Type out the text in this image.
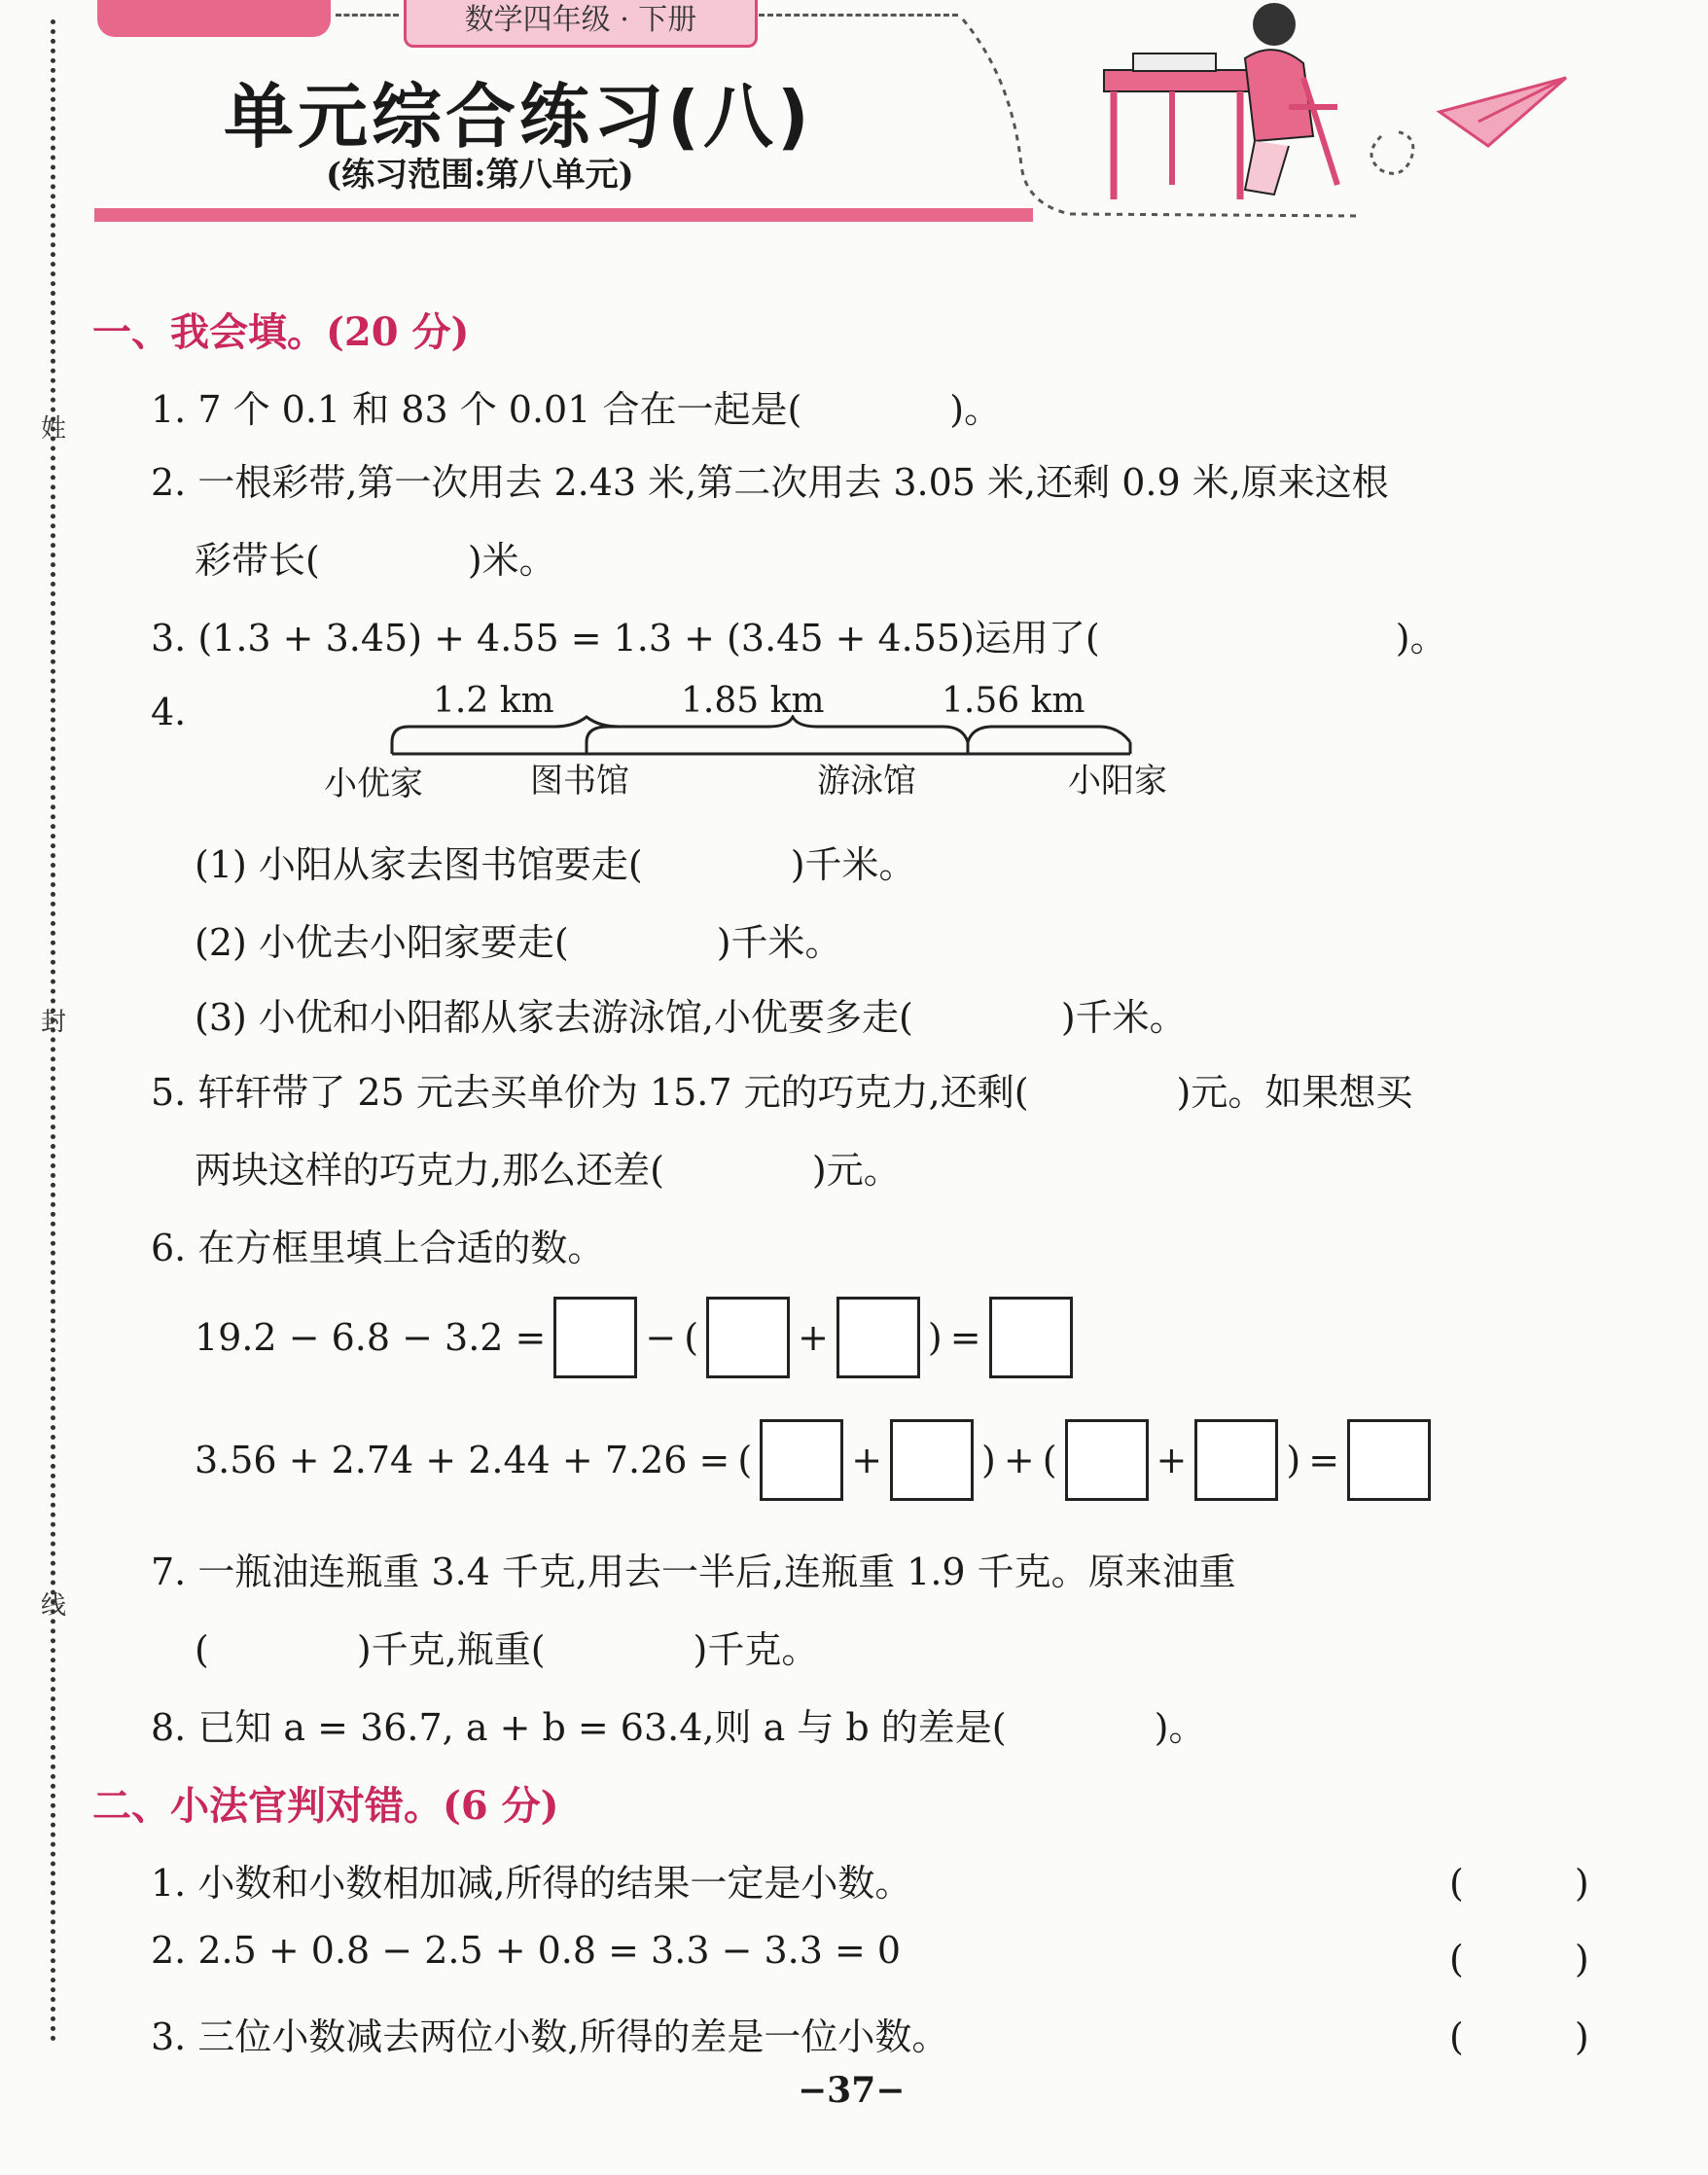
姓
封
线
数学四年级 · 下册
单元综合练习(八)
(练习范围:第八单元)
一、我会填。(20 分)
1. 7 个 0.1 和 83 个 0.01 合在一起是(　　　　)。
2. 一根彩带,第一次用去 2.43 米,第二次用去 3.05 米,还剩 0.9 米,原来这根
彩带长(　　　　)米。
3. (1.3 + 3.45) + 4.55 = 1.3 + (3.45 + 4.55)运用了(　　　　　　　　)。
4.	1.2 km	1.85 km	1.56 km
小优家	图书馆	游泳馆	小阳家
(1) 小阳从家去图书馆要走(　　　　)千米。
(2) 小优去小阳家要走(　　　　)千米。
(3) 小优和小阳都从家去游泳馆,小优要多走(　　　　)千米。
5. 轩轩带了 25 元去买单价为 15.7 元的巧克力,还剩(　　　　)元。如果想买
两块这样的巧克力,那么还差(　　　　)元。
6. 在方框里填上合适的数。
19.2 − 6.8 − 3.2 =	− (	+	) =
3.56 + 2.74 + 2.44 + 7.26 = (	+	) + (	+	) =
7. 一瓶油连瓶重 3.4 千克,用去一半后,连瓶重 1.9 千克。原来油重
(　　　　)千克,瓶重(　　　　)千克。
8. 已知 a = 36.7, a + b = 63.4,则 a 与 b 的差是(　　　　)。
二、小法官判对错。(6 分)
1. 小数和小数相加减,所得的结果一定是小数。	(　　　)
2. 2.5 + 0.8 − 2.5 + 0.8 = 3.3 − 3.3 = 0	(　　　)
3. 三位小数减去两位小数,所得的差是一位小数。	(　　　)
−37−
